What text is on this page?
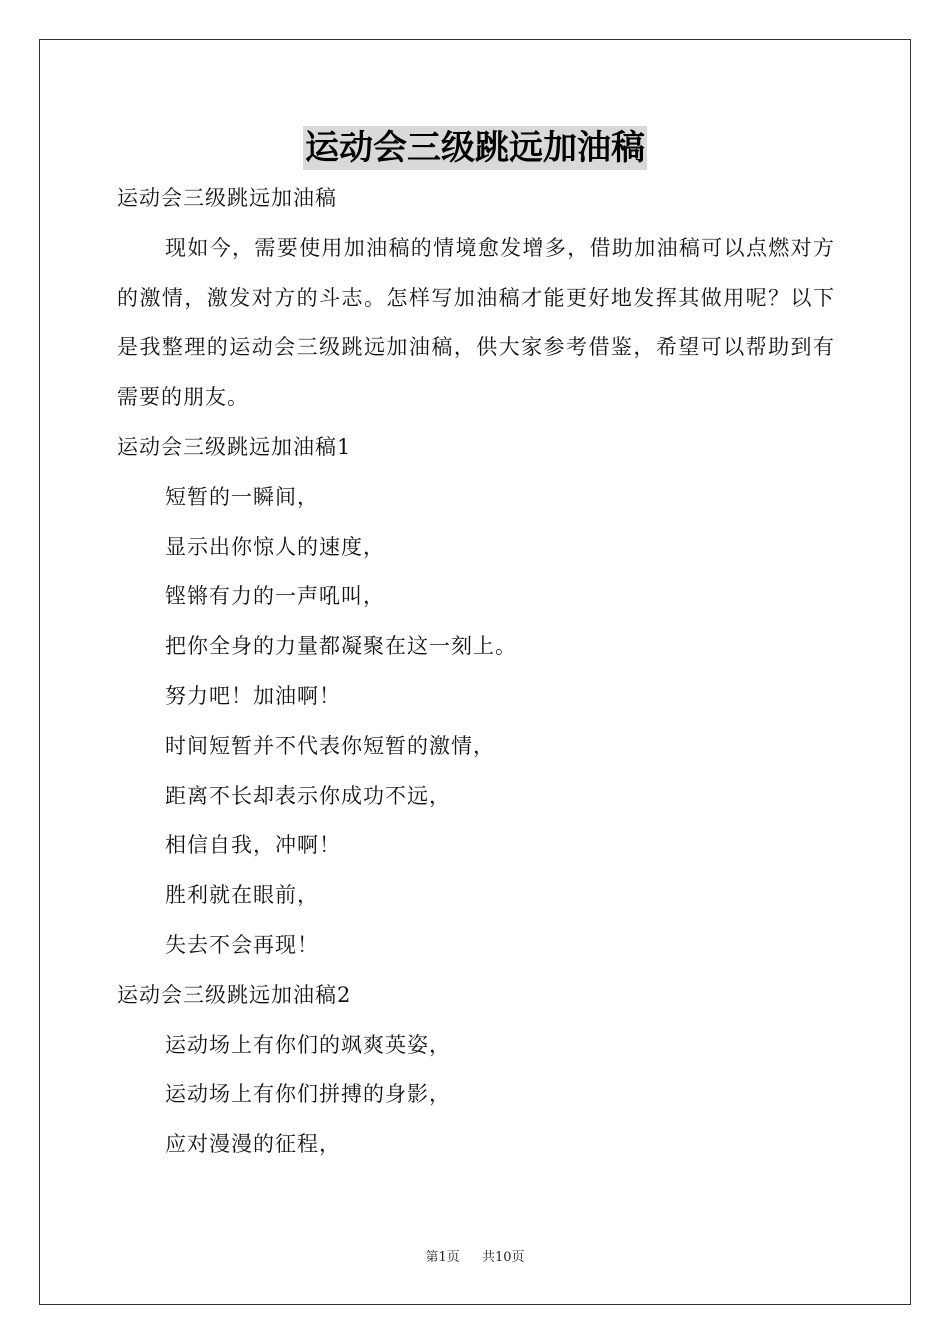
运动会三级跳远加油稿
运动会三级跳远加油稿

现如今，需要使用加油稿的情境愈发增多，借助加油稿可以点燃对方的激情，激发对方的斗志。怎样写加油稿才能更好地发挥其做用呢？以下是我整理的运动会三级跳远加油稿，供大家参考借鉴，希望可以帮助到有需要的朋友。

运动会三级跳远加油稿1
短暂的一瞬间，
显示出你惊人的速度，
铿锵有力的一声吼叫，
把你全身的力量都凝聚在这一刻上。
努力吧！加油啊！
时间短暂并不代表你短暂的激情，
距离不长却表示你成功不远，
相信自我，冲啊！
胜利就在眼前，
失去不会再现！
运动会三级跳远加油稿2
运动场上有你们的飒爽英姿，
运动场上有你们拼搏的身影，
应对漫漫的征程，
第1页 共10页
